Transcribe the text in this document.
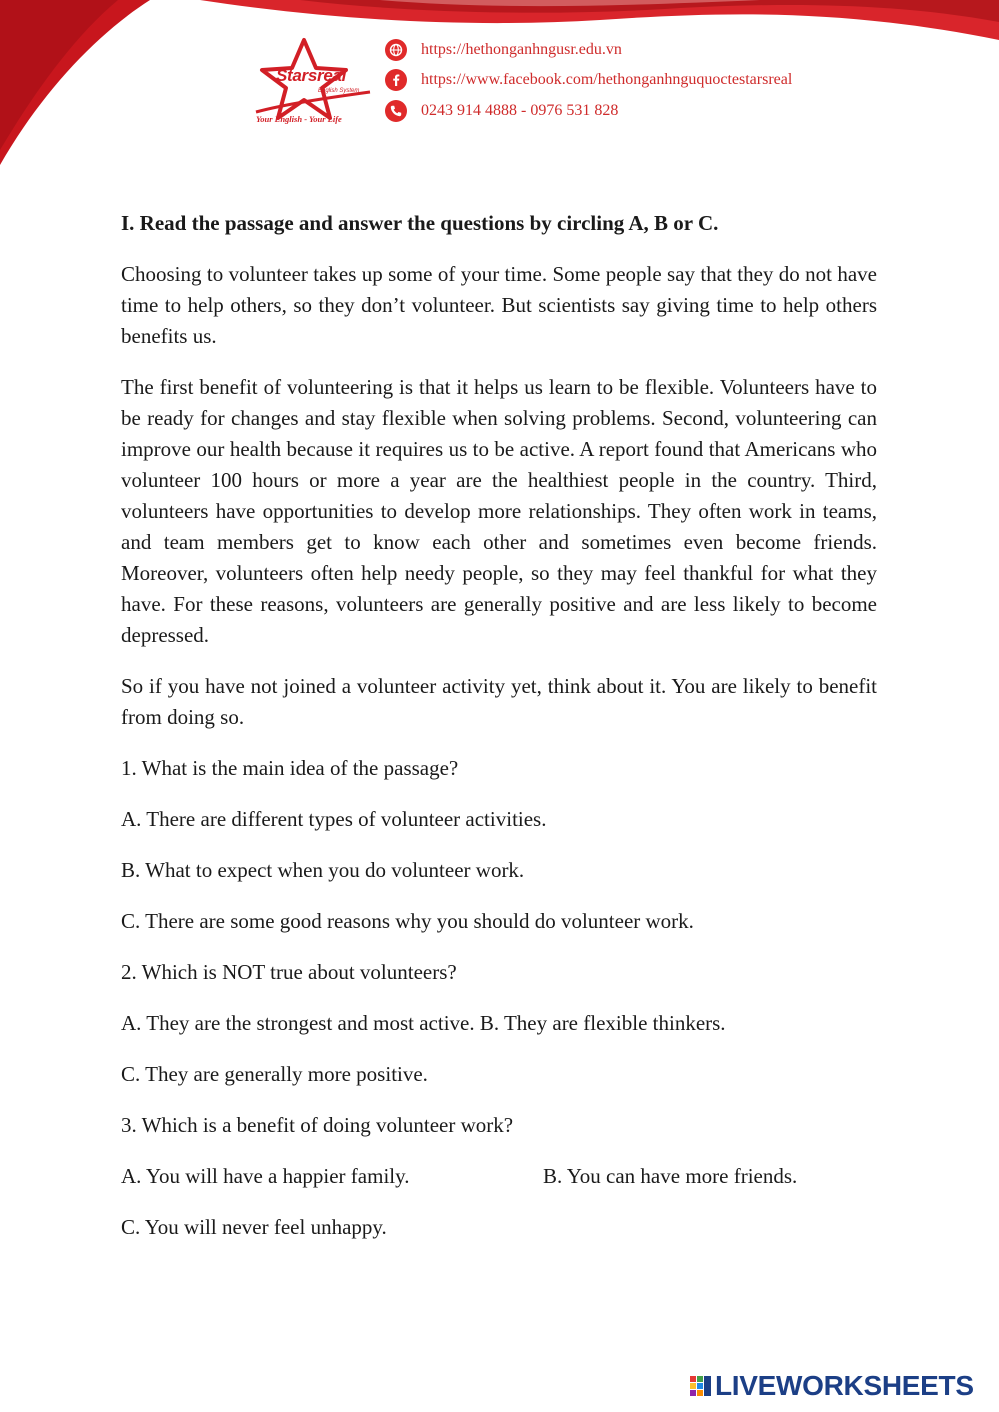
Starsreal
English System
Your English - Your Life
https://hethonganhngusr.edu.vn
https://www.facebook.com/hethonganhnguquoctestarsreal
0243 914 4888 - 0976 531 828

I. Read the passage and answer the questions by circling A, B or C.

Choosing to volunteer takes up some of your time. Some people say that they do not have time to help others, so they don’t volunteer. But scientists say giving time to help others benefits us.

The first benefit of volunteering is that it helps us learn to be flexible. Volunteers have to be ready for changes and stay flexible when solving problems. Second, volunteering can improve our health because it requires us to be active. A report found that Americans who volunteer 100 hours or more a year are the healthiest people in the country. Third, volunteers have opportunities to develop more relationships. They often work in teams, and team members get to know each other and sometimes even become friends. Moreover, volunteers often help needy people, so they may feel thankful for what they have. For these reasons, volunteers are generally positive and are less likely to become depressed.

So if you have not joined a volunteer activity yet, think about it. You are likely to benefit from doing so.

1. What is the main idea of the passage?

A. There are different types of volunteer activities.

B. What to expect when you do volunteer work.

C. There are some good reasons why you should do volunteer work.

2. Which is NOT true about volunteers?

A. They are the strongest and most active. B. They are flexible thinkers.

C. They are generally more positive.

3. Which is a benefit of doing volunteer work?

A. You will have a happier family.	B. You can have more friends.

C. You will never feel unhappy.

LIVEWORKSHEETS
